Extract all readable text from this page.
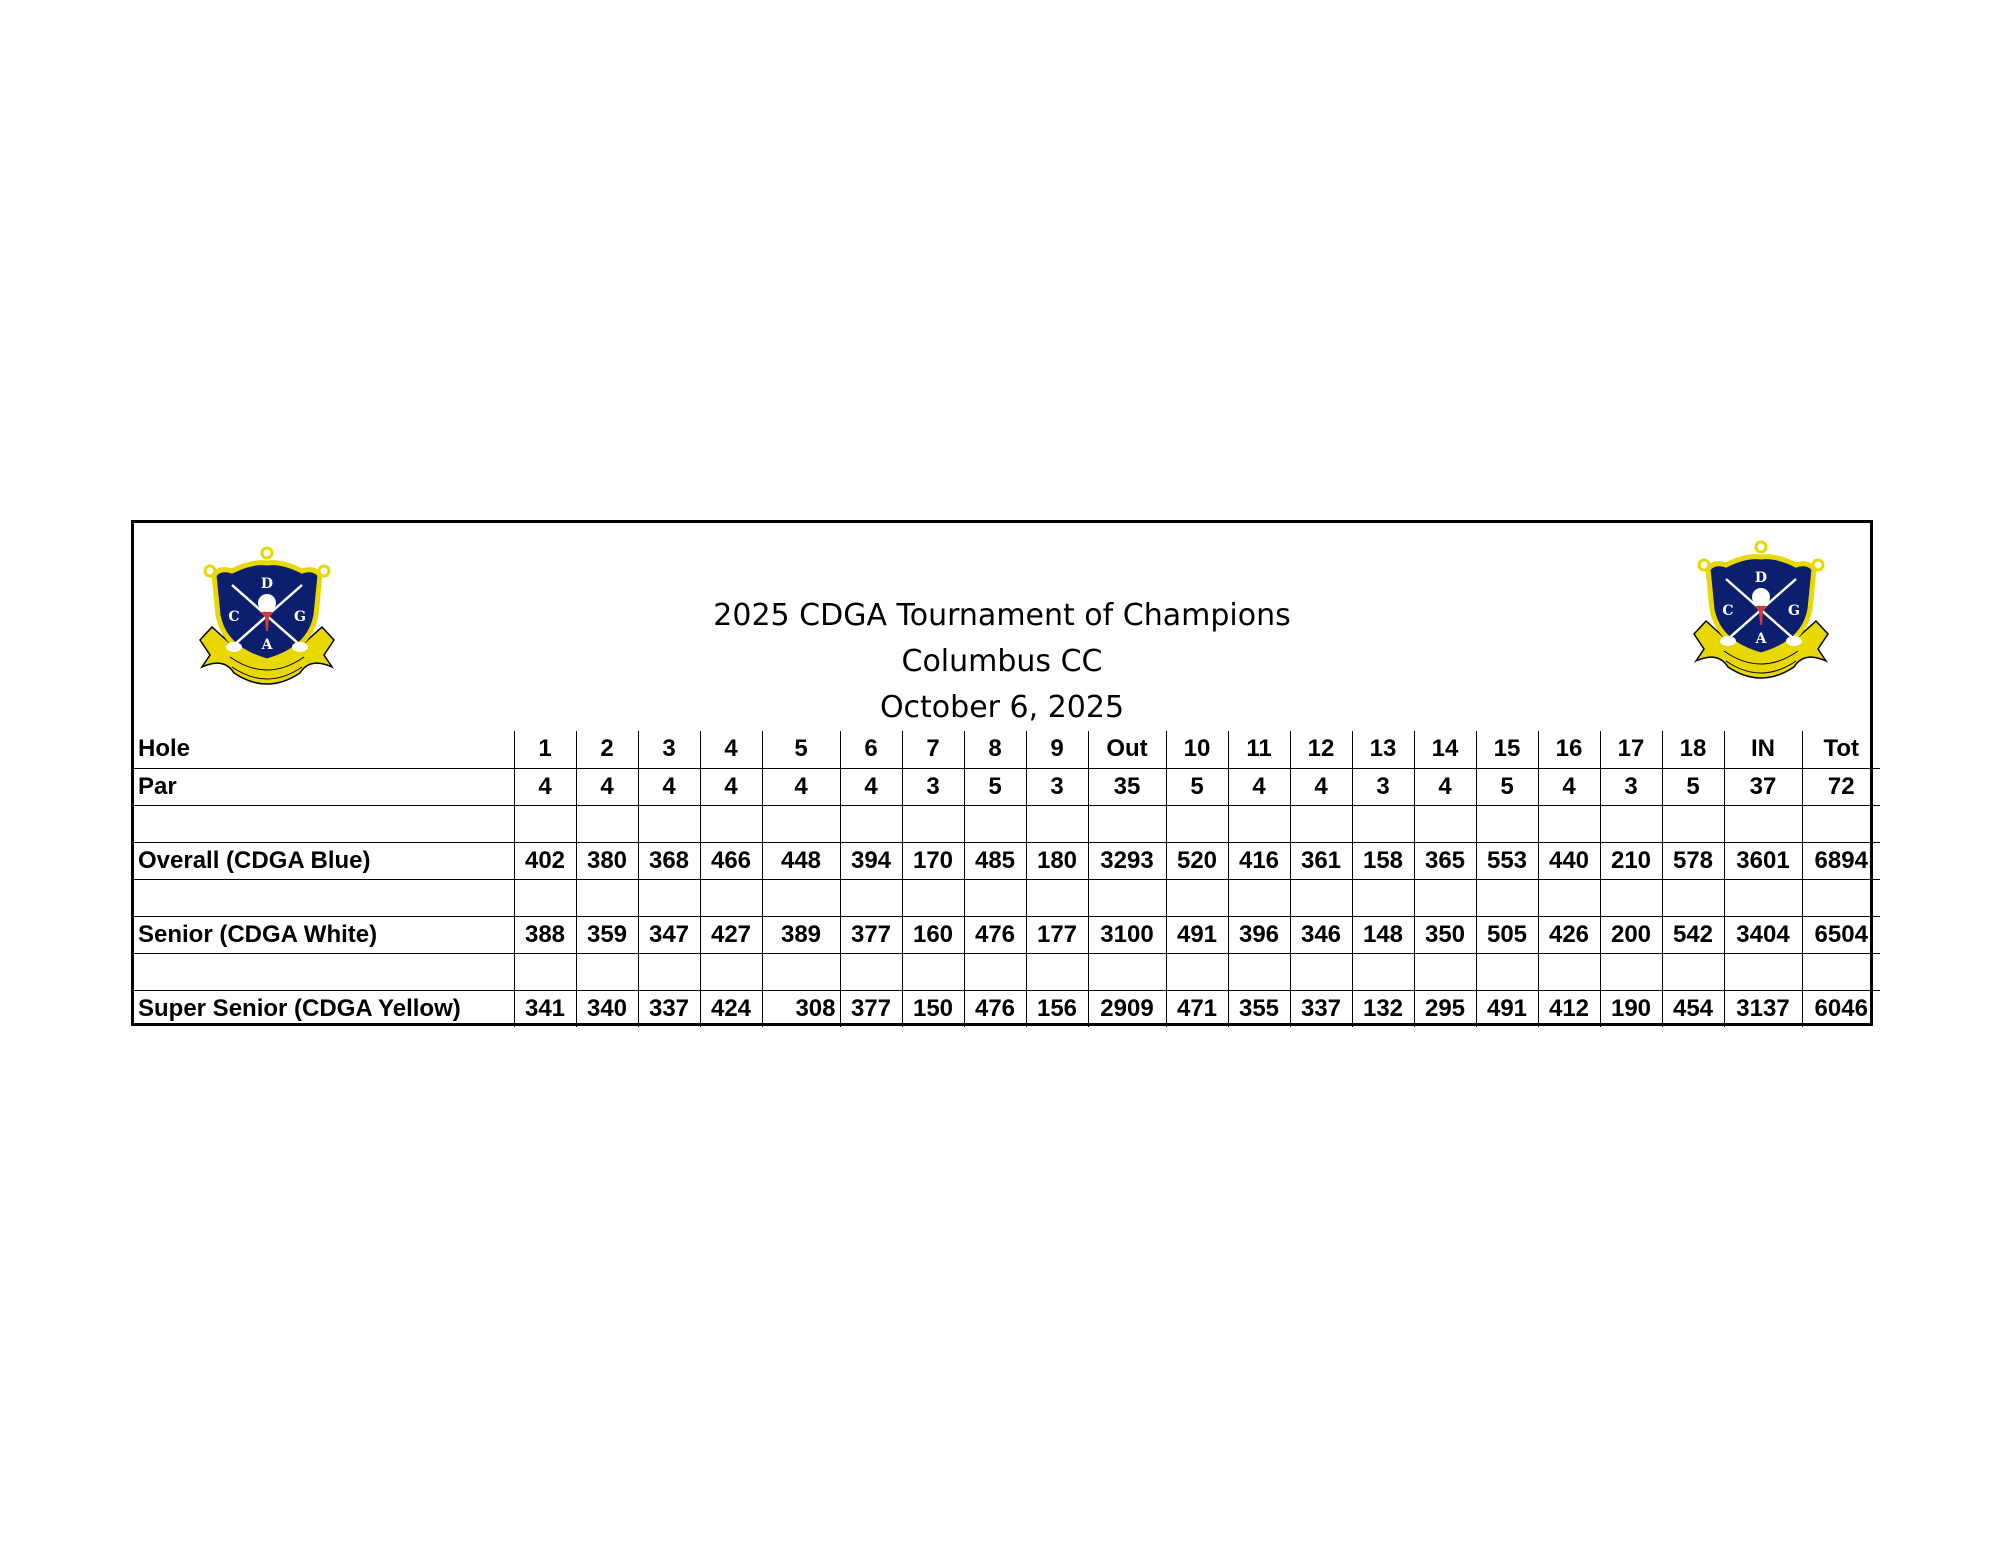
D
C	G
A
2025 CDGA Tournament of Champions
Columbus CC
October 6, 2025
D
C	G
A
Hole	1	2	3	4	5	6	7	8	9	Out	10	11	12	13	14	15	16	17	18	IN	Tot
Par	4	4	4	4	4	4	3	5	3	35	5	4	4	3	4	5	4	3	5	37	72

Overall (CDGA Blue)	402	380	368	466	448	394	170	485	180	3293	520	416	361	158	365	553	440	210	578	3601	6894

Senior (CDGA White)	388	359	347	427	389	377	160	476	177	3100	491	396	346	148	350	505	426	200	542	3404	6504

Super Senior (CDGA Yellow)	341	340	337	424	308	377	150	476	156	2909	471	355	337	132	295	491	412	190	454	3137	6046
